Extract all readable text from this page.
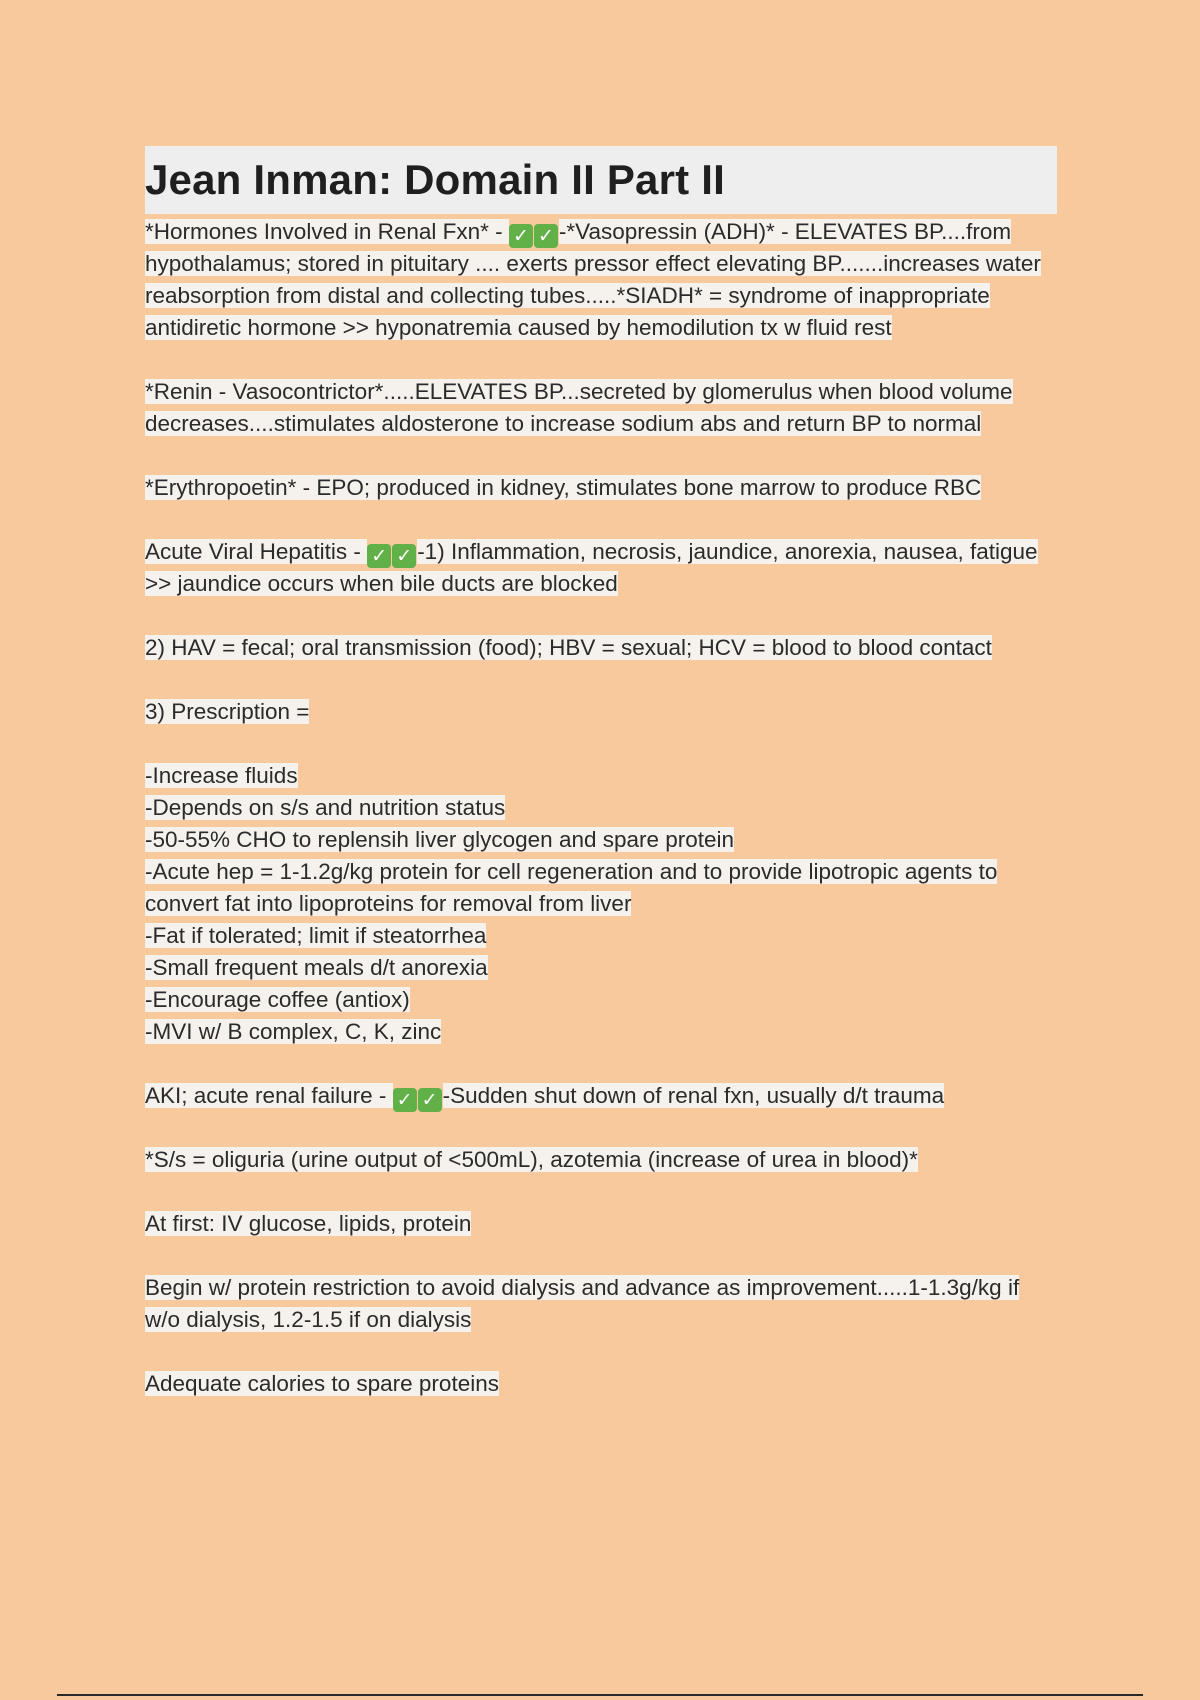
Jean Inman: Domain II Part II

*Hormones Involved in Renal Fxn* - ✓ ✓ -*Vasopressin (ADH)* - ELEVATES BP....from hypothalamus; stored in pituitary .... exerts pressor effect elevating BP.......increases water reabsorption from distal and collecting tubes.....*SIADH* = syndrome of inappropriate antidiretic hormone >> hyponatremia caused by hemodilution tx w fluid rest

*Renin - Vasocontrictor*.....ELEVATES BP...secreted by glomerulus when blood volume decreases....stimulates aldosterone to increase sodium abs and return BP to normal

*Erythropoetin* - EPO; produced in kidney, stimulates bone marrow to produce RBC

Acute Viral Hepatitis - ✓ ✓ -1) Inflammation, necrosis, jaundice, anorexia, nausea, fatigue >> jaundice occurs when bile ducts are blocked

2) HAV = fecal; oral transmission (food); HBV = sexual; HCV = blood to blood contact

3) Prescription =

-Increase fluids
-Depends on s/s and nutrition status
-50-55% CHO to replensih liver glycogen and spare protein
-Acute hep = 1-1.2g/kg protein for cell regeneration and to provide lipotropic agents to convert fat into lipoproteins for removal from liver
-Fat if tolerated; limit if steatorrhea
-Small frequent meals d/t anorexia
-Encourage coffee (antiox)
-MVI w/ B complex, C, K, zinc

AKI; acute renal failure - ✓ ✓ -Sudden shut down of renal fxn, usually d/t trauma

*S/s = oliguria (urine output of <500mL), azotemia (increase of urea in blood)*

At first: IV glucose, lipids, protein

Begin w/ protein restriction to avoid dialysis and advance as improvement.....1-1.3g/kg if w/o dialysis, 1.2-1.5 if on dialysis

Adequate calories to spare proteins
